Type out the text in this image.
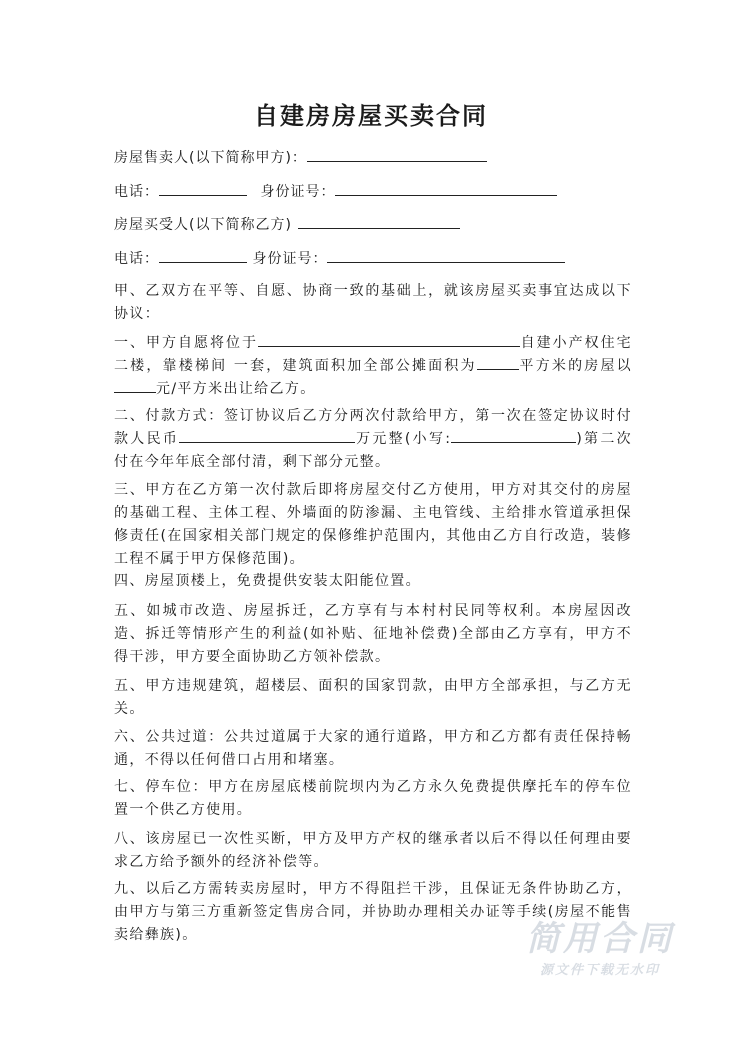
自建房房屋买卖合同
房屋售卖人(以下简称甲方)：
电话：	身份证号：
房屋买受人(以下简称乙方)
电话：	身份证号：
甲、乙双方在平等、自愿、协商一致的基础上，就该房屋买卖事宜达成以下协议：
一、甲方自愿将位于	自建小产权住宅二楼，靠楼梯间 一套，建筑面积加全部公摊面积为	平方米的房屋以元/平方米出让给乙方。
二、付款方式：签订协议后乙方分两次付款给甲方，第一次在签定协议时付款人民币	万元整(小写:	)第二次付在今年年底全部付清，剩下部分元整。
三、甲方在乙方第一次付款后即将房屋交付乙方使用，甲方对其交付的房屋的基础工程、主体工程、外墙面的防渗漏、主电管线、主给排水管道承担保修责任(在国家相关部门规定的保修维护范围内，其他由乙方自行改造，装修工程不属于甲方保修范围)。
四、房屋顶楼上，免费提供安装太阳能位置。
五、如城市改造、房屋拆迁，乙方享有与本村村民同等权利。本房屋因改造、拆迁等情形产生的利益(如补贴、征地补偿费)全部由乙方享有，甲方不得干涉，甲方要全面协助乙方领补偿款。
五、甲方违规建筑，超楼层、面积的国家罚款，由甲方全部承担，与乙方无关。
六、公共过道：公共过道属于大家的通行道路，甲方和乙方都有责任保持畅通，不得以任何借口占用和堵塞。
七、停车位：甲方在房屋底楼前院坝内为乙方永久免费提供摩托车的停车位置一个供乙方使用。
八、该房屋已一次性买断，甲方及甲方产权的继承者以后不得以任何理由要求乙方给予额外的经济补偿等。
九、以后乙方需转卖房屋时，甲方不得阻拦干涉，且保证无条件协助乙方，由甲方与第三方重新签定售房合同，并协助办理相关办证等手续(房屋不能售卖给彝族)。	简用合同
源文件下载无水印
